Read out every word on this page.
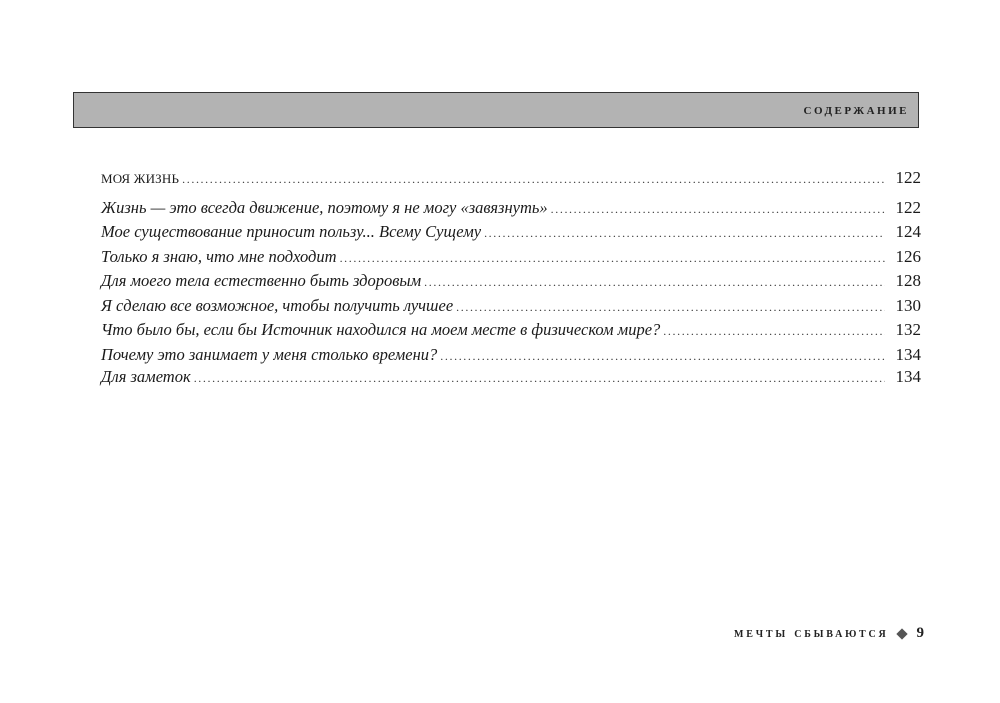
содержание
МОЯ ЖИЗНЬ .....	122
Жизнь — это всегда движение, поэтому я не могу «завязнуть» .....	122
Мое существование приносит пользу... Всему Сущему .....	124
Только я знаю, что мне подходит .....	126
Для моего тела естественно быть здоровым .....	128
Я сделаю все возможное, чтобы получить лучшее .....	130
Что было бы, если бы Источник находился на моем месте в физическом мире? .....	132
Почему это занимает у меня столько времени? .....	134
Для заметок .....	134
мечты сбываются 9
